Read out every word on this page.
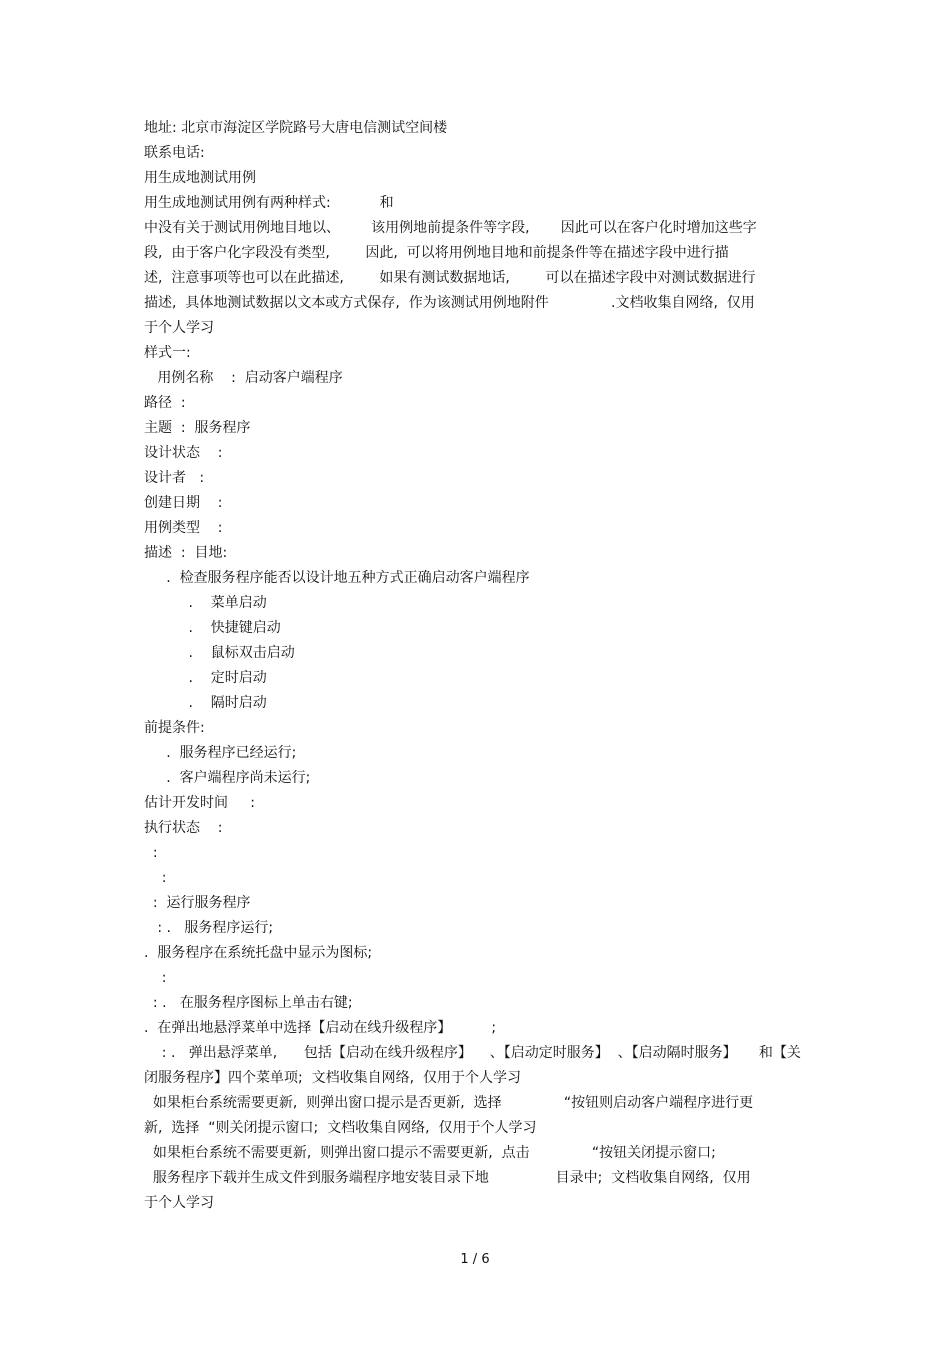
地址: 北京市海淀区学院路号大唐电信测试空间楼
联系电话:
用生成地测试用例
用生成地测试用例有两种样式:           和
中没有关于测试用例地目地以、       该用例地前提条件等字段,       因此可以在客户化时增加这些字
段,  由于客户化字段没有类型,        因此,  可以将用例地目地和前提条件等在描述字段中进行描
述,  注意事项等也可以在此描述,        如果有测试数据地话,        可以在描述字段中对测试数据进行
描述,  具体地测试数据以文本或方式保存,  作为该测试用例地附件              .文档收集自网络,  仅用
于个人学习
样式一:
用例名称    :  启动客户端程序
路径  :
主题  :  服务程序
设计状态    :
设计者   :
创建日期    :
用例类型    :
描述  :  目地:
.  检查服务程序能否以设计地五种方式正确启动客户端程序
.    菜单启动
.    快捷键启动
.    鼠标双击启动
.    定时启动
.    隔时启动
前提条件:
.  服务程序已经运行;
.  客户端程序尚未运行;
估计开发时间     :
执行状态    :
:
:
:  运行服务程序
: .   服务程序运行;
.  服务程序在系统托盘中显示为图标;
:
: .   在服务程序图标上单击右键;
.  在弹出地悬浮菜单中选择【启动在线升级程序】         ;
: .   弹出悬浮菜单,      包括【启动在线升级程序】    、【启动定时服务】  、【启动隔时服务】     和【关
闭服务程序】四个菜单项;  文档收集自网络,  仅用于个人学习
如果柜台系统需要更新,  则弹出窗口提示是否更新,  选择              “按钮则启动客户端程序进行更
新,  选择  “则关闭提示窗口;  文档收集自网络,  仅用于个人学习
如果柜台系统不需要更新,  则弹出窗口提示不需要更新,  点击              “按钮关闭提示窗口;
服务程序下载并生成文件到服务端程序地安装目录下地               目录中;  文档收集自网络,  仅用
于个人学习
1 / 6
